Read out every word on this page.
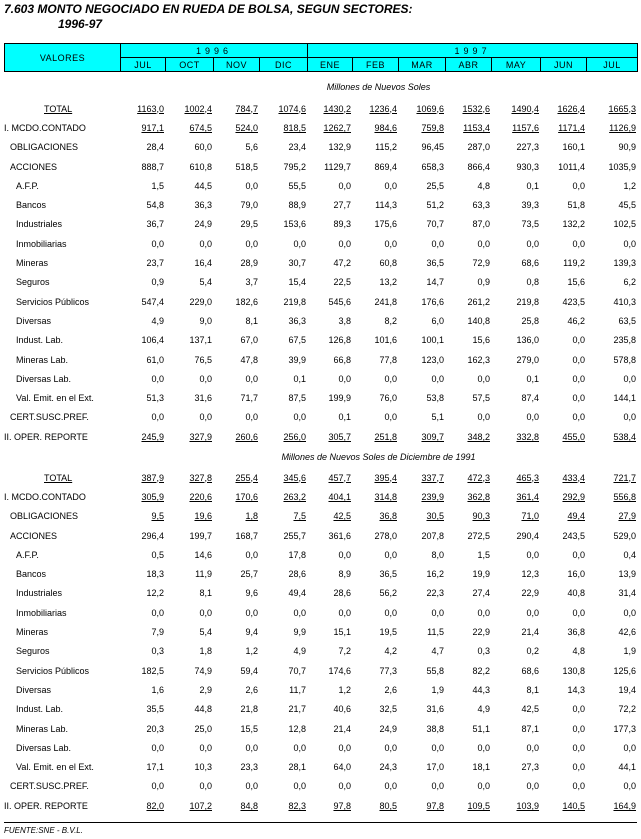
7.603 MONTO NEGOCIADO EN RUEDA DE BOLSA, SEGUN SECTORES:
1996-97
VALORES	1996				1997						
	JUL	OCT	NOV	DIC	ENE	FEB	MAR	ABR	MAY	JUN	JUL
Millones de Nuevos Soles
TOTAL	1163,0	1002,4	784,7	1074,6	1430,2	1236,4	1069,6	1532,6	1490,4	1626,4	1665,3
I. MCDO.CONTADO	917,1	674,5	524,0	818,5	1262,7	984,6	759,8	1153,4	1157,6	1171,4	1126,9
OBLIGACIONES	28,4	60,0	5,6	23,4	132,9	115,2	96,45	287,0	227,3	160,1	90,9
ACCIONES	888,7	610,8	518,5	795,2	1129,7	869,4	658,3	866,4	930,3	1011,4	1035,9
A.F.P.	1,5	44,5	0,0	55,5	0,0	0,0	25,5	4,8	0,1	0,0	1,2
Bancos	54,8	36,3	79,0	88,9	27,7	114,3	51,2	63,3	39,3	51,8	45,5
Industriales	36,7	24,9	29,5	153,6	89,3	175,6	70,7	87,0	73,5	132,2	102,5
Inmobiliarias	0,0	0,0	0,0	0,0	0,0	0,0	0,0	0,0	0,0	0,0	0,0
Mineras	23,7	16,4	28,9	30,7	47,2	60,8	36,5	72,9	68,6	119,2	139,3
Seguros	0,9	5,4	3,7	15,4	22,5	13,2	14,7	0,9	0,8	15,6	6,2
Servicios Públicos	547,4	229,0	182,6	219,8	545,6	241,8	176,6	261,2	219,8	423,5	410,3
Diversas	4,9	9,0	8,1	36,3	3,8	8,2	6,0	140,8	25,8	46,2	63,5
Indust. Lab.	106,4	137,1	67,0	67,5	126,8	101,6	100,1	15,6	136,0	0,0	235,8
Mineras Lab.	61,0	76,5	47,8	39,9	66,8	77,8	123,0	162,3	279,0	0,0	578,8
Diversas Lab.	0,0	0,0	0,0	0,1	0,0	0,0	0,0	0,0	0,1	0,0	0,0
Val. Emit. en el Ext.	51,3	31,6	71,7	87,5	199,9	76,0	53,8	57,5	87,4	0,0	144,1
CERT.SUSC.PREF.	0,0	0,0	0,0	0,0	0,1	0,0	5,1	0,0	0,0	0,0	0,0
II. OPER. REPORTE	245,9	327,9	260,6	256,0	305,7	251,8	309,7	348,2	332,8	455,0	538,4
Millones de Nuevos Soles de Diciembre de 1991
TOTAL	387,9	327,8	255,4	345,6	457,7	395,4	337,7	472,3	465,3	433,4	721,7
I. MCDO.CONTADO	305,9	220,6	170,6	263,2	404,1	314,8	239,9	362,8	361,4	292,9	556,8
OBLIGACIONES	9,5	19,6	1,8	7,5	42,5	36,8	30,5	90,3	71,0	49,4	27,9
ACCIONES	296,4	199,7	168,7	255,7	361,6	278,0	207,8	272,5	290,4	243,5	529,0
A.F.P.	0,5	14,6	0,0	17,8	0,0	0,0	8,0	1,5	0,0	0,0	0,4
Bancos	18,3	11,9	25,7	28,6	8,9	36,5	16,2	19,9	12,3	16,0	13,9
Industriales	12,2	8,1	9,6	49,4	28,6	56,2	22,3	27,4	22,9	40,8	31,4
Inmobiliarias	0,0	0,0	0,0	0,0	0,0	0,0	0,0	0,0	0,0	0,0	0,0
Mineras	7,9	5,4	9,4	9,9	15,1	19,5	11,5	22,9	21,4	36,8	42,6
Seguros	0,3	1,8	1,2	4,9	7,2	4,2	4,7	0,3	0,2	4,8	1,9
Servicios Públicos	182,5	74,9	59,4	70,7	174,6	77,3	55,8	82,2	68,6	130,8	125,6
Diversas	1,6	2,9	2,6	11,7	1,2	2,6	1,9	44,3	8,1	14,3	19,4
Indust. Lab.	35,5	44,8	21,8	21,7	40,6	32,5	31,6	4,9	42,5	0,0	72,2
Mineras Lab.	20,3	25,0	15,5	12,8	21,4	24,9	38,8	51,1	87,1	0,0	177,3
Diversas Lab.	0,0	0,0	0,0	0,0	0,0	0,0	0,0	0,0	0,0	0,0	0,0
Val. Emit. en el Ext.	17,1	10,3	23,3	28,1	64,0	24,3	17,0	18,1	27,3	0,0	44,1
CERT.SUSC.PREF.	0,0	0,0	0,0	0,0	0,0	0,0	0,0	0,0	0,0	0,0	0,0
II. OPER. REPORTE	82,0	107,2	84,8	82,3	97,8	80,5	97,8	109,5	103,9	140,5	164,9
FUENTE:SNE - B.V.L.
